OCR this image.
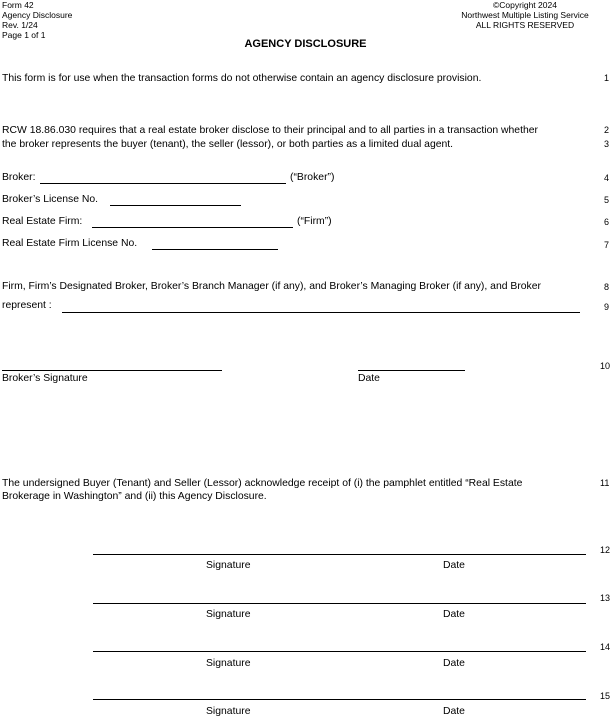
Form 42
Agency Disclosure
Rev. 1/24
Page 1 of 1
©Copyright 2024
Northwest Multiple Listing Service
ALL RIGHTS RESERVED
AGENCY DISCLOSURE
This form is for use when the transaction forms do not otherwise contain an agency disclosure provision.	1
RCW 18.86.030 requires that a real estate broker disclose to their principal and to all parties in a transaction whether
the broker represents the buyer (tenant), the seller (lessor), or both parties as a limited dual agent.
2
3
Broker:	(“Broker”)	4
Broker’s License No.	5
Real Estate Firm:	(“Firm”)	6
Real Estate Firm License No.	7
Firm, Firm’s Designated Broker, Broker’s Branch Manager (if any), and Broker’s Managing Broker (if any), and Broker
represent :
8
9
Broker’s Signature	Date
10
The undersigned Buyer (Tenant) and Seller (Lessor) acknowledge receipt of (i) the pamphlet entitled “Real Estate
Brokerage in Washington” and (ii) this Agency Disclosure.
11
Signature	Date
12
Signature	Date
13
Signature	Date
14
Signature	Date
15
